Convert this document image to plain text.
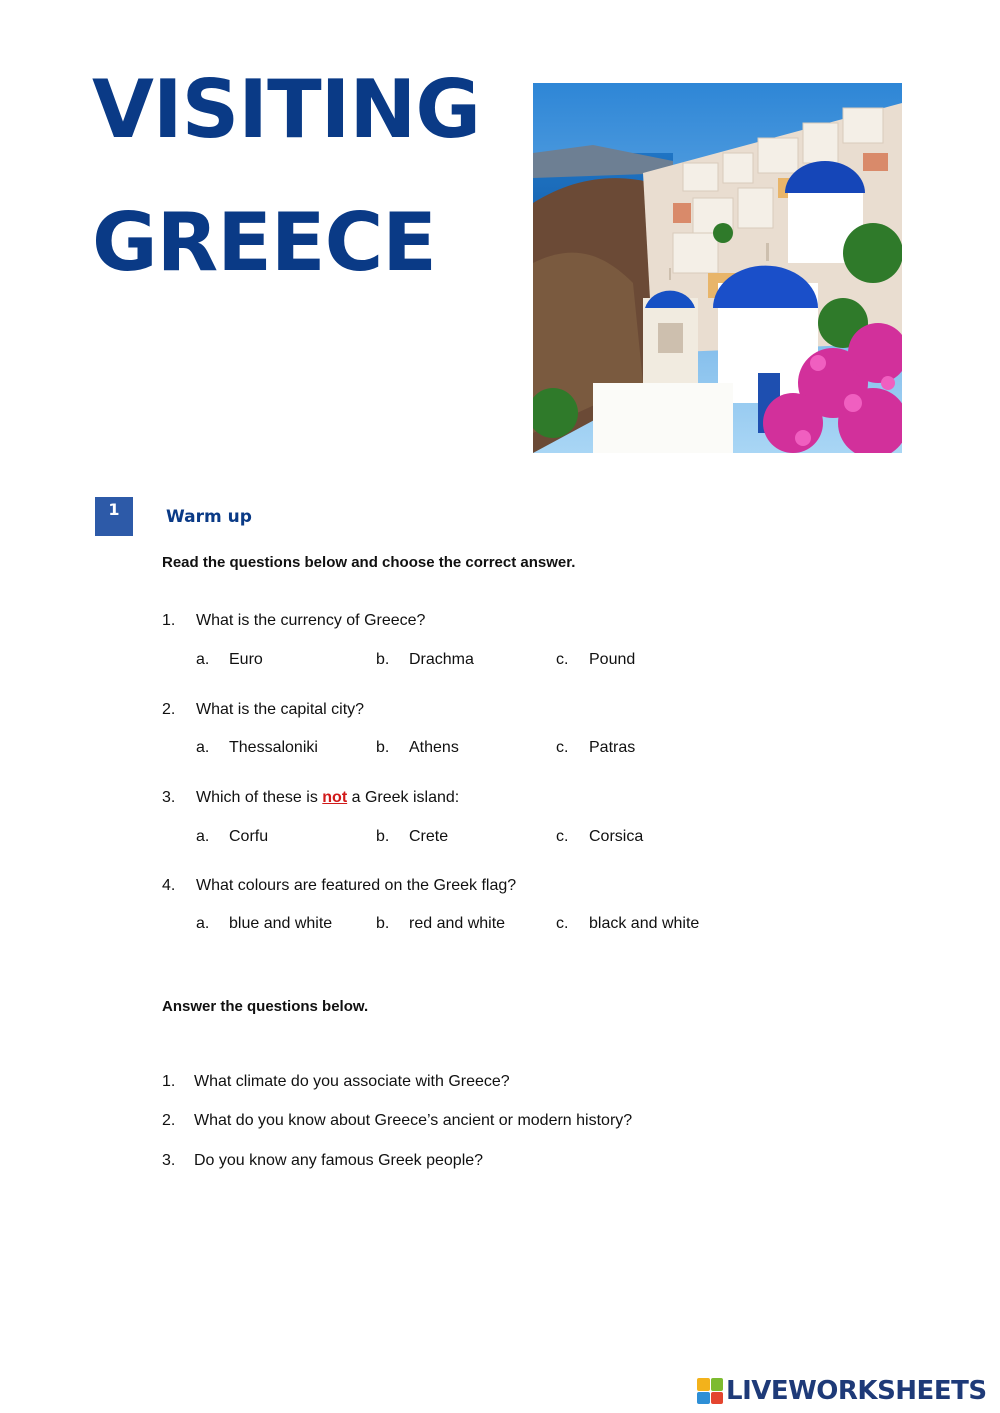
VISITING
GREECE
1	Warm up
Read the questions below and choose the correct answer.
1. What is the currency of Greece?
a. Euro	b. Drachma	c. Pound
2. What is the capital city?
a. Thessaloniki	b. Athens	c. Patras
3. Which of these is not a Greek island:
a. Corfu	b. Crete	c. Corsica
4. What colours are featured on the Greek flag?
a. blue and white	b. red and white	c. black and white
Answer the questions below.
1. What climate do you associate with Greece?
2. What do you know about Greece’s ancient or modern history?
3. Do you know any famous Greek people?
LIVEWORKSHEETS
